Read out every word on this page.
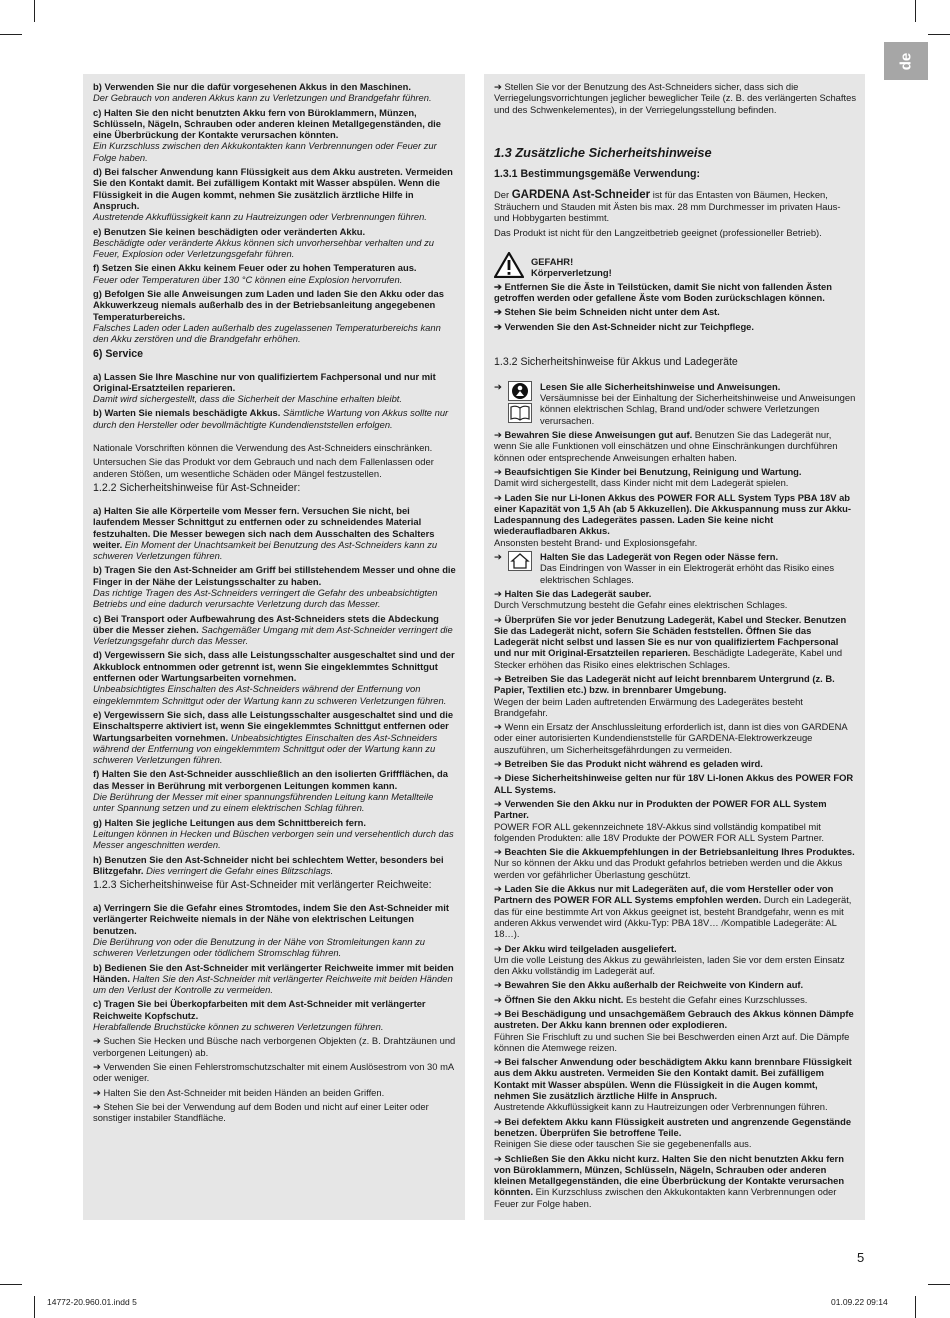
de
b) Verwenden Sie nur die dafür vorgesehenen Akkus in den Maschinen.
Der Gebrauch von anderen Akkus kann zu Verletzungen und Brandgefahr führen.
c) Halten Sie den nicht benutzten Akku fern von Büroklammern, Münzen, Schlüsseln, Nägeln, Schrauben oder anderen kleinen Metallgegenständen, die eine Überbrückung der Kontakte verursachen könnten.
Ein Kurzschluss zwischen den Akkukontakten kann Verbrennungen oder Feuer zur Folge haben.
d) Bei falscher Anwendung kann Flüssigkeit aus dem Akku austreten. Vermeiden Sie den Kontakt damit. Bei zufälligem Kontakt mit Wasser abspülen. Wenn die Flüssigkeit in die Augen kommt, nehmen Sie zusätzlich ärztliche Hilfe in Anspruch.
Austretende Akkuflüssigkeit kann zu Hautreizungen oder Verbrennungen führen.
e) Benutzen Sie keinen beschädigten oder veränderten Akku.
Beschädigte oder veränderte Akkus können sich unvorhersehbar verhalten und zu Feuer, Explosion oder Verletzungsgefahr führen.
f) Setzen Sie einen Akku keinem Feuer oder zu hohen Temperaturen aus.
Feuer oder Temperaturen über 130 °C können eine Explosion hervorrufen.
g) Befolgen Sie alle Anweisungen zum Laden und laden Sie den Akku oder das Akkuwerkzeug niemals außerhalb des in der Betriebsanleitung angegebenen Temperaturbereichs.
Falsches Laden oder Laden außerhalb des zugelassenen Temperaturbereichs kann den Akku zerstören und die Brandgefahr erhöhen.
6) Service
a) Lassen Sie Ihre Maschine nur von qualifiziertem Fachpersonal und nur mit Original-Ersatzteilen reparieren.
Damit wird sichergestellt, dass die Sicherheit der Maschine erhalten bleibt.
b) Warten Sie niemals beschädigte Akkus. Sämtliche Wartung von Akkus sollte nur durch den Hersteller oder bevollmächtigte Kundendienststellen erfolgen.
Nationale Vorschriften können die Verwendung des Ast-Schneiders einschränken.
Untersuchen Sie das Produkt vor dem Gebrauch und nach dem Fallenlassen oder anderen Stößen, um wesentliche Schäden oder Mängel festzustellen.
1.2.2 Sicherheitshinweise für Ast-Schneider:
a) Halten Sie alle Körperteile vom Messer fern. Versuchen Sie nicht, bei laufendem Messer Schnittgut zu entfernen oder zu schneidendes Material festzuhalten. Die Messer bewegen sich nach dem Ausschalten des Schalters weiter. Ein Moment der Unachtsamkeit bei Benutzung des Ast-Schneiders kann zu schweren Verletzungen führen.
b) Tragen Sie den Ast-Schneider am Griff bei stillstehendem Messer und ohne die Finger in der Nähe der Leistungsschalter zu haben.
Das richtige Tragen des Ast-Schneiders verringert die Gefahr des unbeabsichtigten Betriebs und eine dadurch verursachte Verletzung durch das Messer.
c) Bei Transport oder Aufbewahrung des Ast-Schneiders stets die Abdeckung über die Messer ziehen. Sachgemäßer Umgang mit dem Ast-Schneider verringert die Verletzungsgefahr durch das Messer.
d) Vergewissern Sie sich, dass alle Leistungsschalter ausgeschaltet sind und der Akkublock entnommen oder getrennt ist, wenn Sie eingeklemmtes Schnittgut entfernen oder Wartungsarbeiten vornehmen.
Unbeabsichtigtes Einschalten des Ast-Schneiders während der Entfernung von eingeklemmtem Schnittgut oder der Wartung kann zu schweren Verletzungen führen.
e) Vergewissern Sie sich, dass alle Leistungsschalter ausgeschaltet sind und die Einschaltsperre aktiviert ist, wenn Sie eingeklemmtes Schnittgut entfernen oder Wartungsarbeiten vornehmen. Unbeabsichtigtes Einschalten des Ast-Schneiders während der Entfernung von eingeklemmtem Schnittgut oder der Wartung kann zu schweren Verletzungen führen.
f) Halten Sie den Ast-Schneider ausschließlich an den isolierten Griffflächen, da das Messer in Berührung mit verborgenen Leitungen kommen kann.
Die Berührung der Messer mit einer spannungsführenden Leitung kann Metallteile unter Spannung setzen und zu einem elektrischen Schlag führen.
g) Halten Sie jegliche Leitungen aus dem Schnittbereich fern.
Leitungen können in Hecken und Büschen verborgen sein und versehentlich durch das Messer angeschnitten werden.
h) Benutzen Sie den Ast-Schneider nicht bei schlechtem Wetter, besonders bei Blitzgefahr. Dies verringert die Gefahr eines Blitzschlags.
1.2.3 Sicherheitshinweise für Ast-Schneider mit verlängerter Reichweite:
a) Verringern Sie die Gefahr eines Stromtodes, indem Sie den Ast-Schneider mit verlängerter Reichweite niemals in der Nähe von elektrischen Leitungen benutzen.
Die Berührung von oder die Benutzung in der Nähe von Stromleitungen kann zu schweren Verletzungen oder tödlichem Stromschlag führen.
b) Bedienen Sie den Ast-Schneider mit verlängerter Reichweite immer mit beiden Händen. Halten Sie den Ast-Schneider mit verlängerter Reichweite mit beiden Händen um den Verlust der Kontrolle zu vermeiden.
c) Tragen Sie bei Überkopfarbeiten mit dem Ast-Schneider mit verlängerter Reichweite Kopfschutz.
Herabfallende Bruchstücke können zu schweren Verletzungen führen.
➔ Suchen Sie Hecken und Büsche nach verborgenen Objekten (z. B. Drahtzäunen und verborgenen Leitungen) ab.
➔ Verwenden Sie einen Fehlerstromschutzschalter mit einem Auslösestrom von 30 mA oder weniger.
➔ Halten Sie den Ast-Schneider mit beiden Händen an beiden Griffen.
➔ Stehen Sie bei der Verwendung auf dem Boden und nicht auf einer Leiter oder sonstiger instabiler Standfläche.
➔ Stellen Sie vor der Benutzung des Ast-Schneiders sicher, dass sich die Verriegelungsvorrichtungen jeglicher beweglicher Teile (z. B. des verlängerten Schaftes und des Schwenkelementes), in der Verriegelungsstellung befinden.
1.3 Zusätzliche Sicherheitshinweise
1.3.1 Bestimmungsgemäße Verwendung:
Der GARDENA Ast-Schneider ist für das Entasten von Bäumen, Hecken, Sträuchern und Stauden mit Ästen bis max. 28 mm Durchmesser im privaten Haus- und Hobbygarten bestimmt.
Das Produkt ist nicht für den Langzeitbetrieb geeignet (professioneller Betrieb).
GEFAHR!
Körperverletzung!
➔ Entfernen Sie die Äste in Teilstücken, damit Sie nicht von fallenden Ästen getroffen werden oder gefallene Äste vom Boden zurückschlagen können.
➔ Stehen Sie beim Schneiden nicht unter dem Ast.
➔ Verwenden Sie den Ast-Schneider nicht zur Teichpflege.
1.3.2 Sicherheitshinweise für Akkus und Ladegeräte
➔	Lesen Sie alle Sicherheitshinweise und Anweisungen.
Versäumnisse bei der Einhaltung der Sicherheitshinweise und Anweisungen können elektrischen Schlag, Brand und/oder schwere Verletzungen verursachen.
➔ Bewahren Sie diese Anweisungen gut auf. Benutzen Sie das Ladegerät nur, wenn Sie alle Funktionen voll einschätzen und ohne Einschränkungen durchführen können oder entsprechende Anweisungen erhalten haben.
➔ Beaufsichtigen Sie Kinder bei Benutzung, Reinigung und Wartung.
Damit wird sichergestellt, dass Kinder nicht mit dem Ladegerät spielen.
➔ Laden Sie nur Li-Ionen Akkus des POWER FOR ALL System Typs PBA 18V ab einer Kapazität von 1,5 Ah (ab 5 Akkuzellen). Die Akkuspannung muss zur Akku-Ladespannung des Ladegerätes passen. Laden Sie keine nicht wiederaufladbaren Akkus.
Ansonsten besteht Brand- und Explosionsgefahr.
➔	Halten Sie das Ladegerät von Regen oder Nässe fern.
Das Eindringen von Wasser in ein Elektrogerät erhöht das Risiko eines elektrischen Schlages.
➔ Halten Sie das Ladegerät sauber.
Durch Verschmutzung besteht die Gefahr eines elektrischen Schlages.
➔ Überprüfen Sie vor jeder Benutzung Ladegerät, Kabel und Stecker. Benutzen Sie das Ladegerät nicht, sofern Sie Schäden feststellen. Öffnen Sie das Ladegerät nicht selbst und lassen Sie es nur von qualifiziertem Fachpersonal und nur mit Original-Ersatzteilen reparieren. Beschädigte Ladegeräte, Kabel und Stecker erhöhen das Risiko eines elektrischen Schlages.
➔ Betreiben Sie das Ladegerät nicht auf leicht brennbarem Untergrund (z. B. Papier, Textilien etc.) bzw. in brennbarer Umgebung.
Wegen der beim Laden auftretenden Erwärmung des Ladegerätes besteht Brandgefahr.
➔ Wenn ein Ersatz der Anschlussleitung erforderlich ist, dann ist dies von GARDENA oder einer autorisierten Kundendienststelle für GARDENA-Elektrowerkzeuge auszuführen, um Sicherheitsgefährdungen zu vermeiden.
➔ Betreiben Sie das Produkt nicht während es geladen wird.
➔ Diese Sicherheitshinweise gelten nur für 18V Li-Ionen Akkus des POWER FOR ALL Systems.
➔ Verwenden Sie den Akku nur in Produkten der POWER FOR ALL System Partner.
POWER FOR ALL gekennzeichnete 18V-Akkus sind vollständig kompatibel mit folgenden Produkten: alle 18V Produkte der POWER FOR ALL System Partner.
➔ Beachten Sie die Akkuempfehlungen in der Betriebsanleitung Ihres Produktes. Nur so können der Akku und das Produkt gefahrlos betrieben werden und die Akkus werden vor gefährlicher Überlastung geschützt.
➔ Laden Sie die Akkus nur mit Ladegeräten auf, die vom Hersteller oder von Partnern des POWER FOR ALL Systems empfohlen werden. Durch ein Ladegerät, das für eine bestimmte Art von Akkus geeignet ist, besteht Brandgefahr, wenn es mit anderen Akkus verwendet wird (Akku-Typ: PBA 18V… /Kompatible Ladegeräte: AL 18…).
➔ Der Akku wird teilgeladen ausgeliefert.
Um die volle Leistung des Akkus zu gewährleisten, laden Sie vor dem ersten Einsatz den Akku vollständig im Ladegerät auf.
➔ Bewahren Sie den Akku außerhalb der Reichweite von Kindern auf.
➔ Öffnen Sie den Akku nicht. Es besteht die Gefahr eines Kurzschlusses.
➔ Bei Beschädigung und unsachgemäßem Gebrauch des Akkus können Dämpfe austreten. Der Akku kann brennen oder explodieren.
Führen Sie Frischluft zu und suchen Sie bei Beschwerden einen Arzt auf. Die Dämpfe können die Atemwege reizen.
➔ Bei falscher Anwendung oder beschädigtem Akku kann brennbare Flüssigkeit aus dem Akku austreten. Vermeiden Sie den Kontakt damit. Bei zufälligem Kontakt mit Wasser abspülen. Wenn die Flüssigkeit in die Augen kommt, nehmen Sie zusätzlich ärztliche Hilfe in Anspruch.
Austretende Akkuflüssigkeit kann zu Hautreizungen oder Verbrennungen führen.
➔ Bei defektem Akku kann Flüssigkeit austreten und angrenzende Gegenstände benetzen. Überprüfen Sie betroffene Teile.
Reinigen Sie diese oder tauschen Sie sie gegebenenfalls aus.
➔ Schließen Sie den Akku nicht kurz. Halten Sie den nicht benutzten Akku fern von Büroklammern, Münzen, Schlüsseln, Nägeln, Schrauben oder anderen kleinen Metallgegenständen, die eine Überbrückung der Kontakte verursachen könnten. Ein Kurzschluss zwischen den Akkukontakten kann Verbrennungen oder Feuer zur Folge haben.
5
14772-20.960.01.indd 5	01.09.22 09:14
